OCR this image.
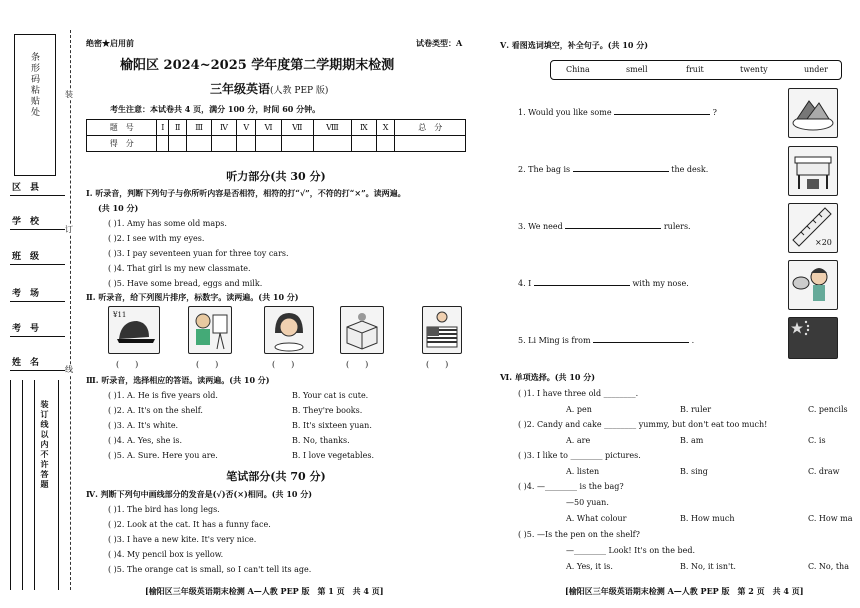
条形码粘贴处
区　县
学　校
班　级
考　场
考　号
姓　名
装订线以内不许答题
装
订
线
绝密★启用前	试卷类型：A
榆阳区 2024~2025 学年度第二学期期末检测
三年级英语(人教 PEP 版)
考生注意：本试卷共 4 页，满分 100 分，时间 60 分钟。
题　号	Ⅰ	Ⅱ	Ⅲ	Ⅳ	Ⅴ	Ⅵ	Ⅶ	Ⅷ	Ⅸ	Ⅹ	总　分
得　分											
听力部分(共 30 分)
Ⅰ. 听录音，判断下列句子与你所听内容是否相符，相符的打“√”，不符的打“×”。读两遍。
(共 10 分)
( )1. Amy has some old maps.
( )2. I see with my eyes.
( )3. I pay seventeen yuan for three toy cars.
( )4. That girl is my new classmate.
( )5. Have some bread, eggs and milk.
Ⅱ. 听录音，给下列图片排序，标数字。读两遍。(共 10 分)
¥11
(　　)	(　　)	(　　)	(　　)	(　　)
Ⅲ. 听录音，选择相应的答语。读两遍。(共 10 分)
( )1. A. He is five years old.	B. Your cat is cute.
( )2. A. It's on the shelf.	B. They're books.
( )3. A. It's white.	B. It's sixteen yuan.
( )4. A. Yes, she is.	B. No, thanks.
( )5. A. Sure. Here you are.	B. I love vegetables.
笔试部分(共 70 分)
Ⅳ. 判断下列句中画线部分的发音是(√)否(×)相同。(共 10 分)
( )1. The bird has long legs.
( )2. Look at the cat. It has a funny face.
( )3. I have a new kite. It's very nice.
( )4. My pencil box is yellow.
( )5. The orange cat is small, so I can't tell its age.
[榆阳区三年级英语期末检测 A—人教 PEP 版　第 1 页　共 4 页]
Ⅴ. 看图选词填空，补全句子。(共 10 分)
China	smell	fruit	twenty	under
1. Would you like some	?
2. The bag is	the desk.
3. We need	rulers.
4. I	with my nose.
5. Li Ming is from	.
×20
Ⅵ. 单项选择。(共 10 分)
( )1. I have three old ________.
A. pen	B. ruler	C. pencils
( )2. Candy and cake ________ yummy, but don't eat too much!
A. are	B. am	C. is
( )3. I like to ________ pictures.
A. listen	B. sing	C. draw
( )4. —________ is the bag?
—50 yuan.
A. What colour	B. How much	C. How ma
( )5. —Is the pen on the shelf?
—________ Look! It's on the bed.
A. Yes, it is.	B. No, it isn't.	C. No, tha
[榆阳区三年级英语期末检测 A—人教 PEP 版　第 2 页　共 4 页]
